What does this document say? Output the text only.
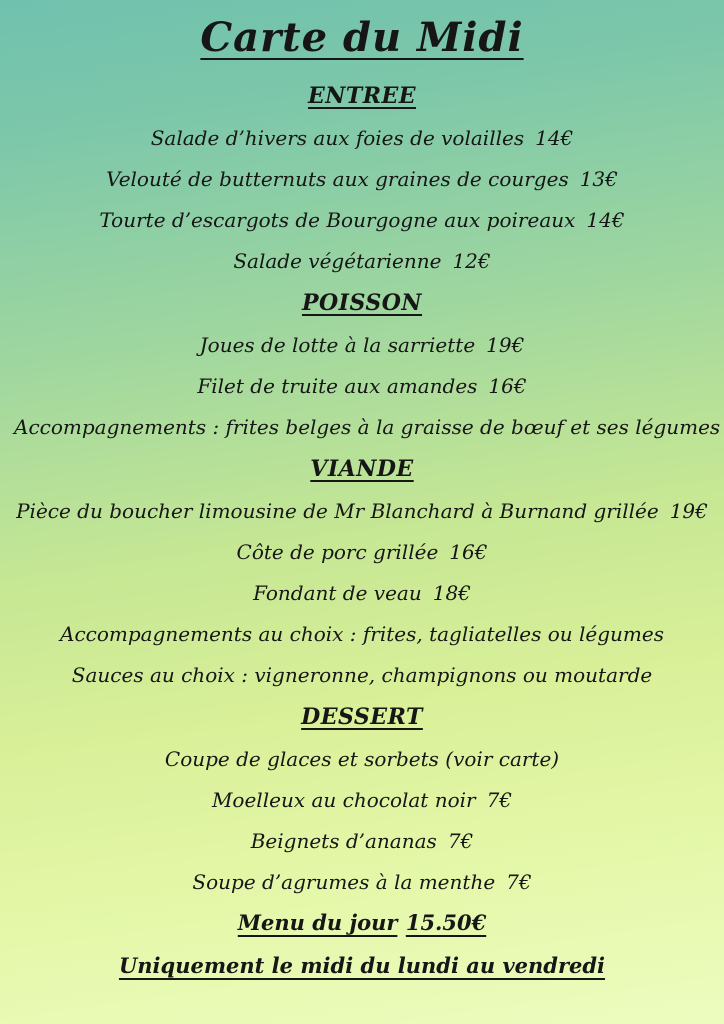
Carte du Midi
ENTREE
Salade d’hivers aux foies de volailles 14€
Velouté de butternuts aux graines de courges 13€
Tourte d’escargots de Bourgogne aux poireaux 14€
Salade végétarienne 12€
POISSON
Joues de lotte à la sarriette 19€
Filet de truite aux amandes 16€
Accompagnements : frites belges à la graisse de bœuf et ses légumes
VIANDE
Pièce du boucher limousine de Mr Blanchard à Burnand grillée 19€
Côte de porc grillée 16€
Fondant de veau 18€
Accompagnements au choix : frites, tagliatelles ou légumes
Sauces au choix : vigneronne, champignons ou moutarde
DESSERT
Coupe de glaces et sorbets (voir carte)
Moelleux au chocolat noir 7€
Beignets d’ananas 7€
Soupe d’agrumes à la menthe 7€
Menu du jour 15.50€
Uniquement le midi du lundi au vendredi
